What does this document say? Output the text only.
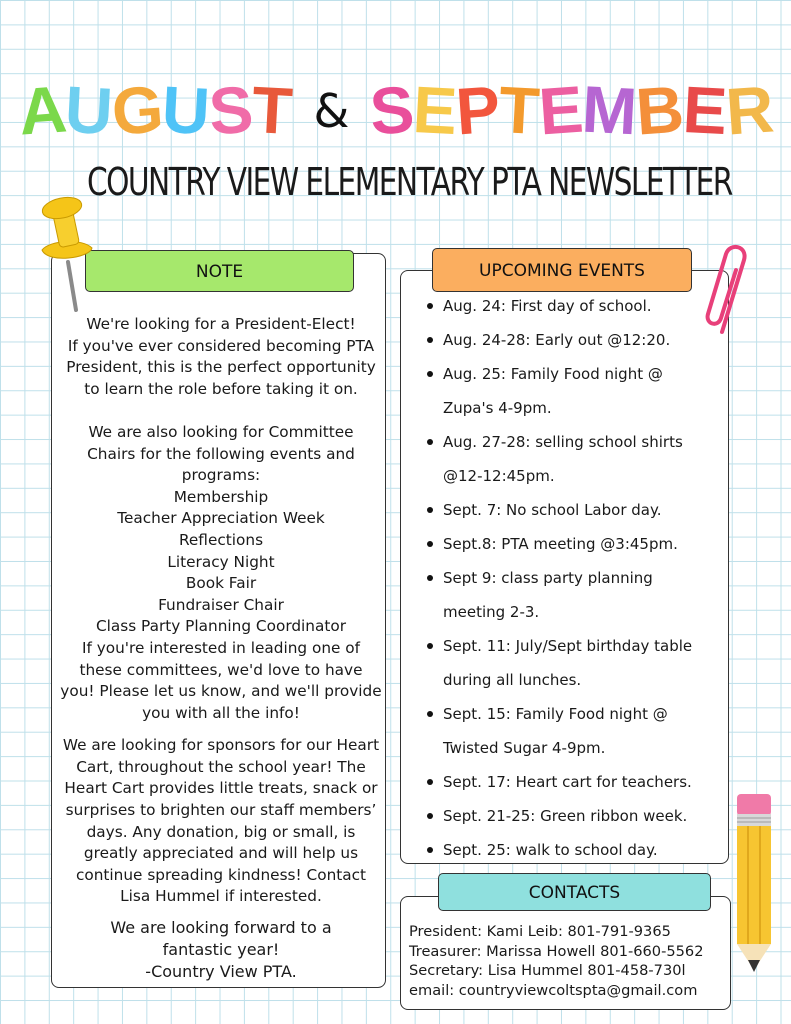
AUGUST & SEPTEMBER
COUNTRY VIEW ELEMENTARY PTA NEWSLETTER
NOTE

We're looking for a President-Elect!

If you've ever considered becoming PTA

President, this is the perfect opportunity

to learn the role before taking it on.

We are also looking for Committee

Chairs for the following events and

programs:

Membership

Teacher Appreciation Week

Reflections

Literacy Night

Book Fair

Fundraiser Chair

Class Party Planning Coordinator

If you're interested in leading one of

these committees, we'd love to have

you! Please let us know, and we'll provide

you with all the info!

We are looking for sponsors for our Heart

Cart, throughout the school year! The

Heart Cart provides little treats, snack or

surprises to brighten our staff members’

days. Any donation, big or small, is

greatly appreciated and will help us

continue spreading kindness! Contact

Lisa Hummel if interested.

We are looking forward to a

fantastic year!

-Country View PTA.

UPCOMING EVENTS
Aug. 24: First day of school.
Aug. 24-28: Early out @12:20.
Aug. 25: Family Food night @
Zupa's 4-9pm.
Aug. 27-28: selling school shirts
@12-12:45pm.
Sept. 7: No school Labor day.
Sept.8: PTA meeting @3:45pm.
Sept 9: class party planning
meeting 2-3.
Sept. 11: July/Sept birthday table
during all lunches.
Sept. 15: Family Food night @
Twisted Sugar 4-9pm.
Sept. 17: Heart cart for teachers.
Sept. 21-25: Green ribbon week.
Sept. 25: walk to school day.
CONTACTS
President: Kami Leib: 801-791-9365
Treasurer: Marissa Howell 801-660-5562
Secretary: Lisa Hummel 801-458-730l
email: countryviewcoltspta@gmail.com
